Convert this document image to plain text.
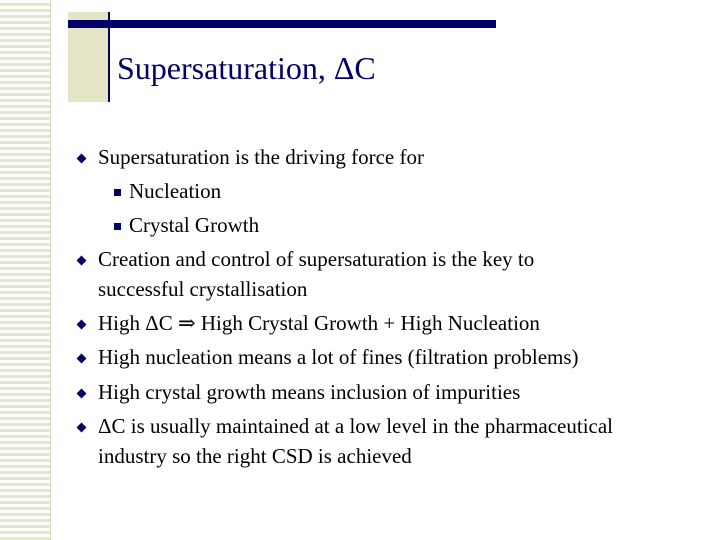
Supersaturation, ΔC
Supersaturation is the driving force for
Nucleation
Crystal Growth
Creation and control of supersaturation is the key to
successful crystallisation
High ΔC ⇒ High Crystal Growth + High Nucleation
High nucleation means a lot of fines (filtration problems)
High crystal growth means inclusion of impurities
ΔC is usually maintained at a low level in the pharmaceutical
industry so the right CSD is achieved
